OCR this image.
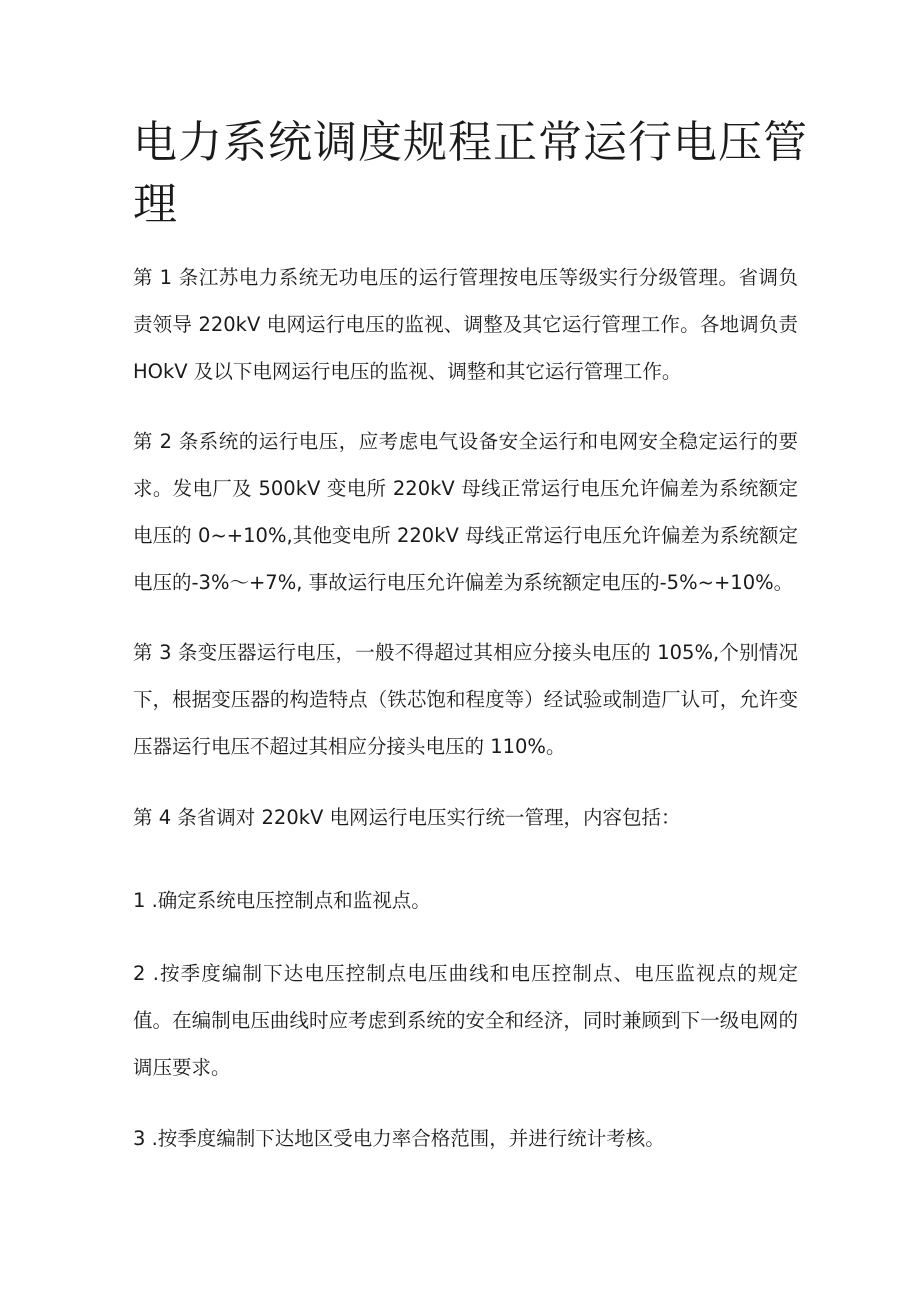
电力系统调度规程正常运行电压管理

第 1 条江苏电力系统无功电压的运行管理按电压等级实行分级管理。省调负责领导 220kV 电网运行电压的监视、调整及其它运行管理工作。各地调负责 HOkV 及以下电网运行电压的监视、调整和其它运行管理工作。

第 2 条系统的运行电压，应考虑电气设备安全运行和电网安全稳定运行的要求。发电厂及 500kV 变电所 220kV 母线正常运行电压允许偏差为系统额定电压的 0~+10%,其他变电所 220kV 母线正常运行电压允许偏差为系统额定电压的-3%～+7%, 事故运行电压允许偏差为系统额定电压的-5%~+10%。

第 3 条变压器运行电压，一般不得超过其相应分接头电压的 105%,个别情况下，根据变压器的构造特点（铁芯饱和程度等）经试验或制造厂认可，允许变压器运行电压不超过其相应分接头电压的 110%。

第 4 条省调对 220kV 电网运行电压实行统一管理，内容包括：

1 .确定系统电压控制点和监视点。

2 .按季度编制下达电压控制点电压曲线和电压控制点、电压监视点的规定值。在编制电压曲线时应考虑到系统的安全和经济，同时兼顾到下一级电网的调压要求。

3 .按季度编制下达地区受电力率合格范围，并进行统计考核。
